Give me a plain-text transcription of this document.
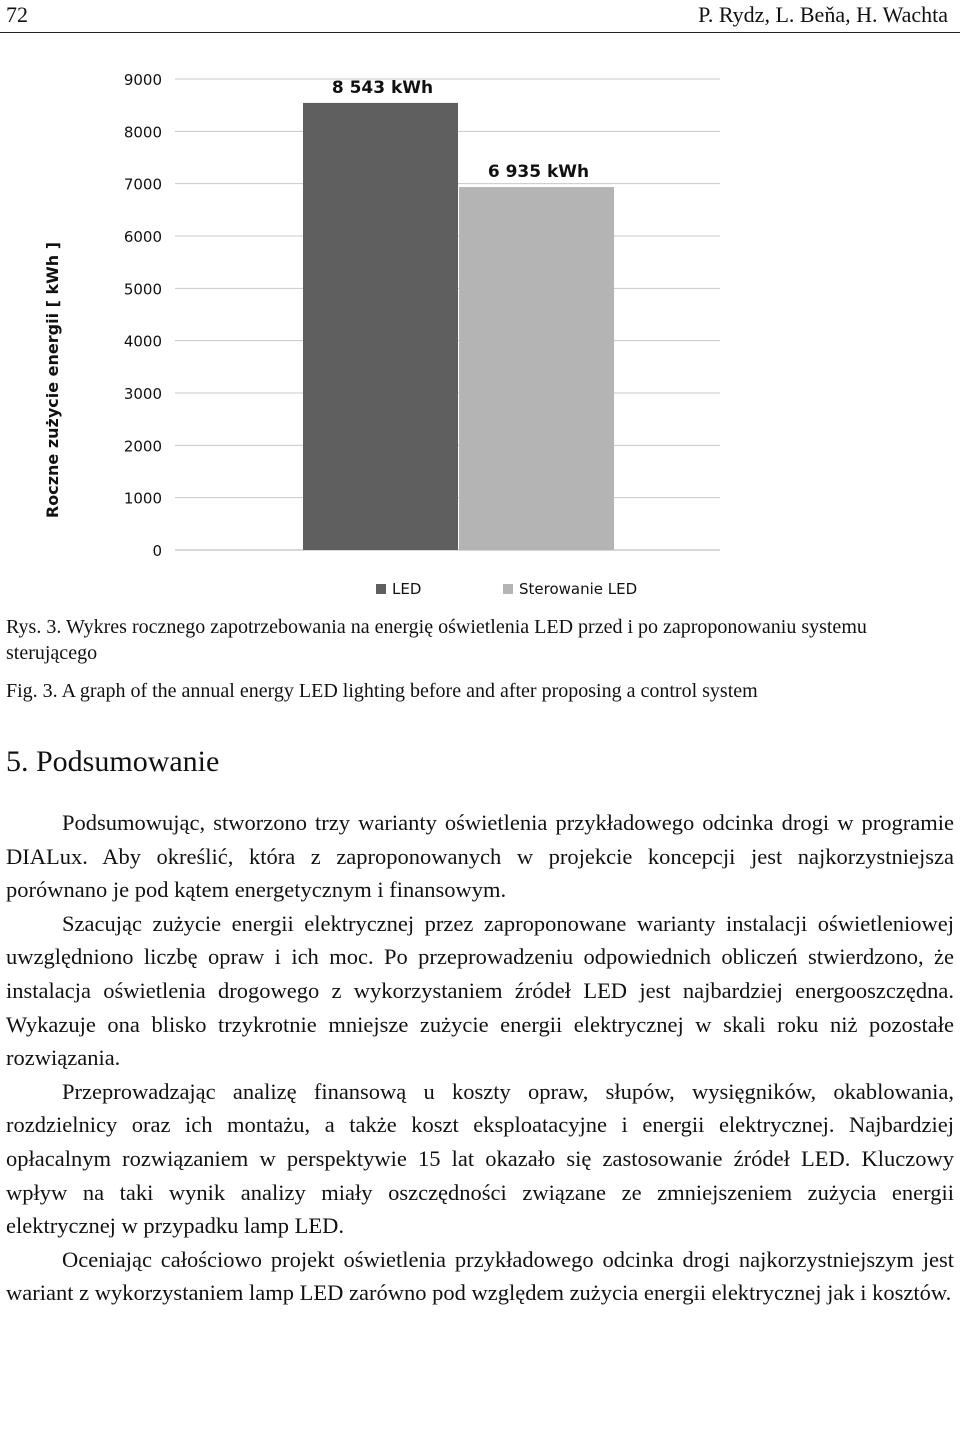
72	P. Rydz, L. Beňa, H. Wachta
0
1000
2000
3000
4000
5000
6000
7000
8000
9000	8 543 kWh
6 935 kWh
Roczne zużycie energii [ kWh ]
LED	Sterowanie LED
Rys. 3. Wykres rocznego zapotrzebowania na energię oświetlenia LED przed i po zaproponowaniu systemu sterującego
Fig. 3. A graph of the annual energy LED lighting before and after proposing a control system
5. Podsumowanie

Podsumowując, stworzono trzy warianty oświetlenia przykładowego odcinka drogi w programie DIALux. Aby określić, która z zaproponowanych w projekcie koncepcji jest najkorzystniejsza porównano je pod kątem energetycznym i finansowym.

Szacując zużycie energii elektrycznej przez zaproponowane warianty instalacji oświetleniowej uwzględniono liczbę opraw i ich moc. Po przeprowadzeniu odpowiednich obliczeń stwierdzono, że instalacja oświetlenia drogowego z wykorzystaniem źródeł LED jest najbardziej energooszczędna. Wykazuje ona blisko trzykrotnie mniejsze zużycie energii elektrycznej w skali roku niż pozostałe rozwiązania.

Przeprowadzając analizę finansową u koszty opraw, słupów, wysięgników, okablowania, rozdzielnicy oraz ich montażu, a także koszt eksploatacyjne i energii elektrycznej. Najbardziej opłacalnym rozwiązaniem w perspektywie 15 lat okazało się zastosowanie źródeł LED. Kluczowy wpływ na taki wynik analizy miały oszczędności związane ze zmniejszeniem zużycia energii elektrycznej w przypadku lamp LED.

Oceniając całościowo projekt oświetlenia przykładowego odcinka drogi najkorzystniejszym jest wariant z wykorzystaniem lamp LED zarówno pod względem zużycia energii elektrycznej jak i kosztów.
